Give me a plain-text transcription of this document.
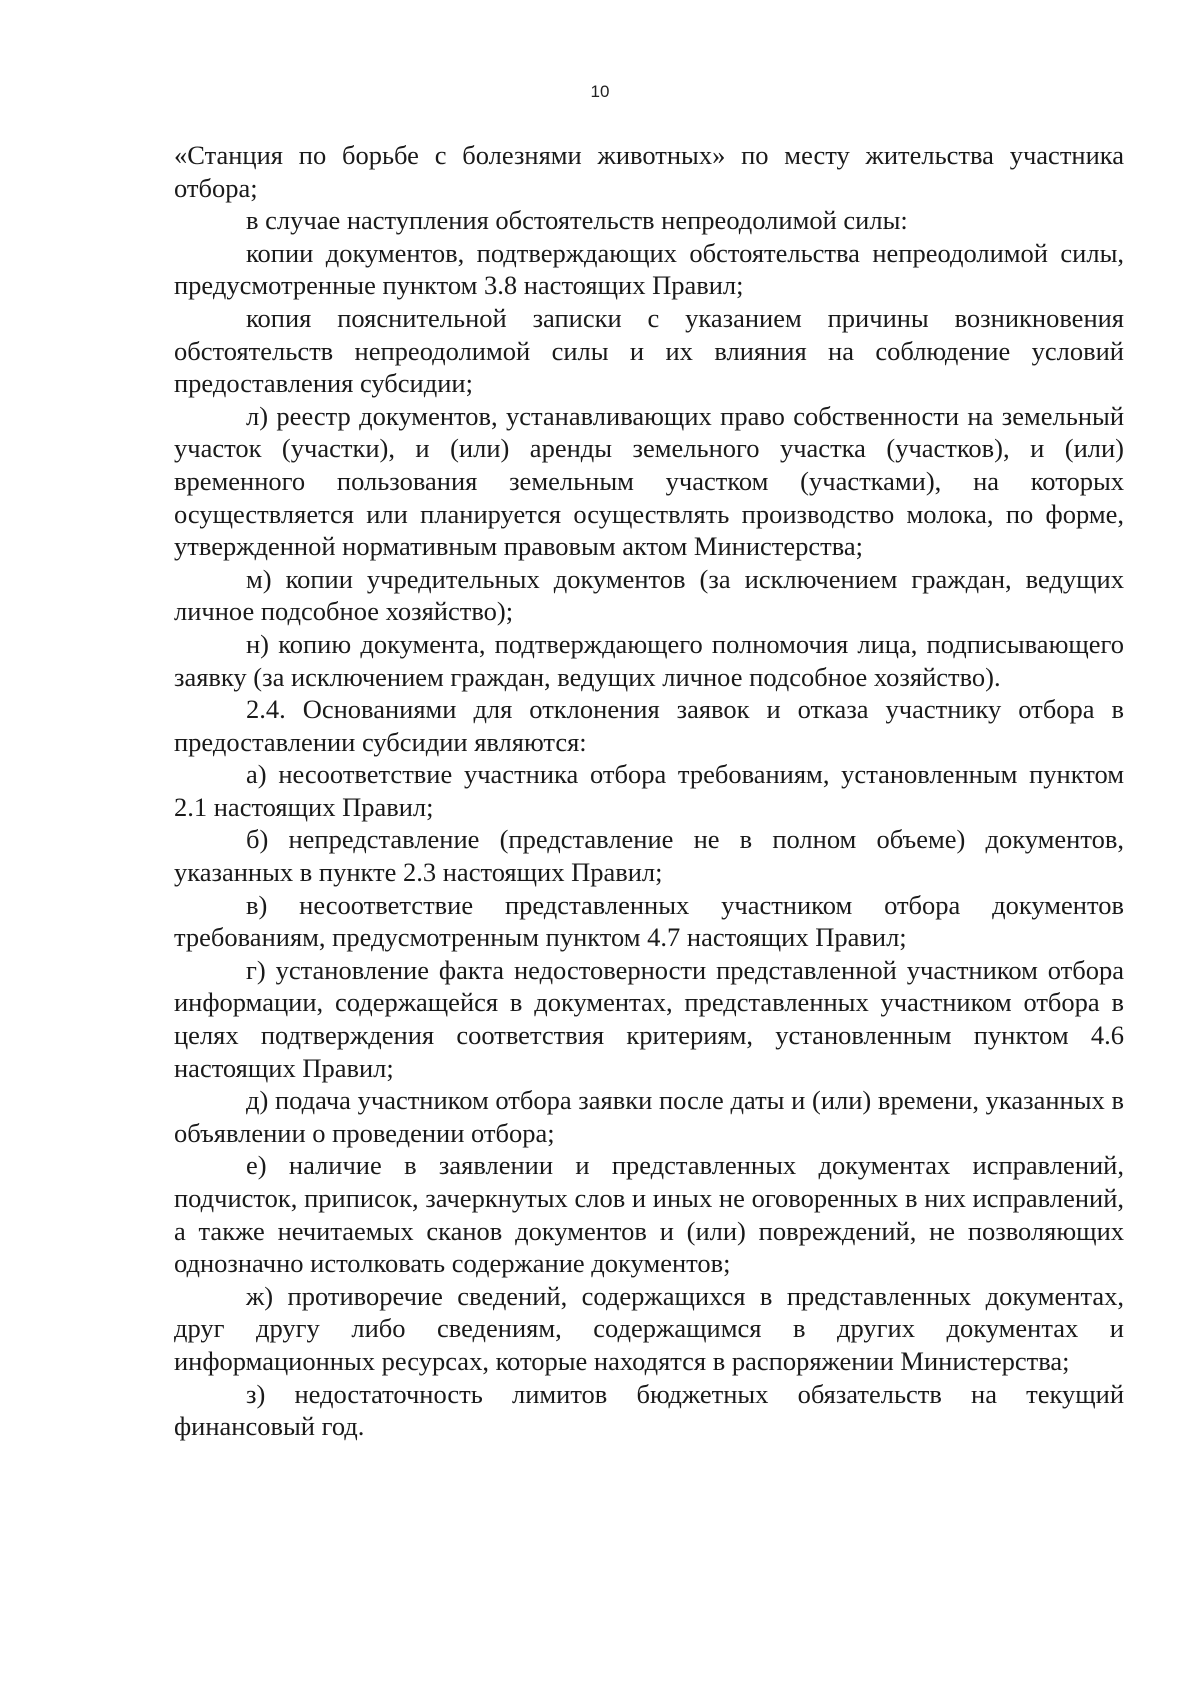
10

«Станция по борьбе с болезнями животных» по месту жительства участника отбора;

в случае наступления обстоятельств непреодолимой силы:

копии документов, подтверждающих обстоятельства непреодолимой силы, предусмотренные пунктом 3.8 настоящих Правил;

копия пояснительной записки с указанием причины возникновения обстоятельств непреодолимой силы и их влияния на соблюдение условий предоставления субсидии;

л) реестр документов, устанавливающих право собственности на земельный участок (участки), и (или) аренды земельного участка (участков), и (или) временного пользования земельным участком (участками), на которых осуществляется или планируется осуществлять производство молока, по форме, утвержденной нормативным правовым актом Министерства;

м) копии учредительных документов (за исключением граждан, ведущих личное подсобное хозяйство);

н) копию документа, подтверждающего полномочия лица, подписывающего заявку (за исключением граждан, ведущих личное подсобное хозяйство).

2.4. Основаниями для отклонения заявок и отказа участнику отбора в предоставлении субсидии являются:

а) несоответствие участника отбора требованиям, установленным пунктом 2.1 настоящих Правил;

б) непредставление (представление не в полном объеме) документов, указанных в пункте 2.3 настоящих Правил;

в) несоответствие представленных участником отбора документов требованиям, предусмотренным пунктом 4.7 настоящих Правил;

г) установление факта недостоверности представленной участником отбора информации, содержащейся в документах, представленных участником отбора в целях подтверждения соответствия критериям, установленным пунктом 4.6 настоящих Правил;

д) подача участником отбора заявки после даты и (или) времени, указанных в объявлении о проведении отбора;

е) наличие в заявлении и представленных документах исправлений, подчисток, приписок, зачеркнутых слов и иных не оговоренных в них исправлений, а также нечитаемых сканов документов и (или) повреждений, не позволяющих однозначно истолковать содержание документов;

ж) противоречие сведений, содержащихся в представленных документах, друг другу либо сведениям, содержащимся в других документах и информационных ресурсах, которые находятся в распоряжении Министерства;

з) недостаточность лимитов бюджетных обязательств на текущий финансовый год.
